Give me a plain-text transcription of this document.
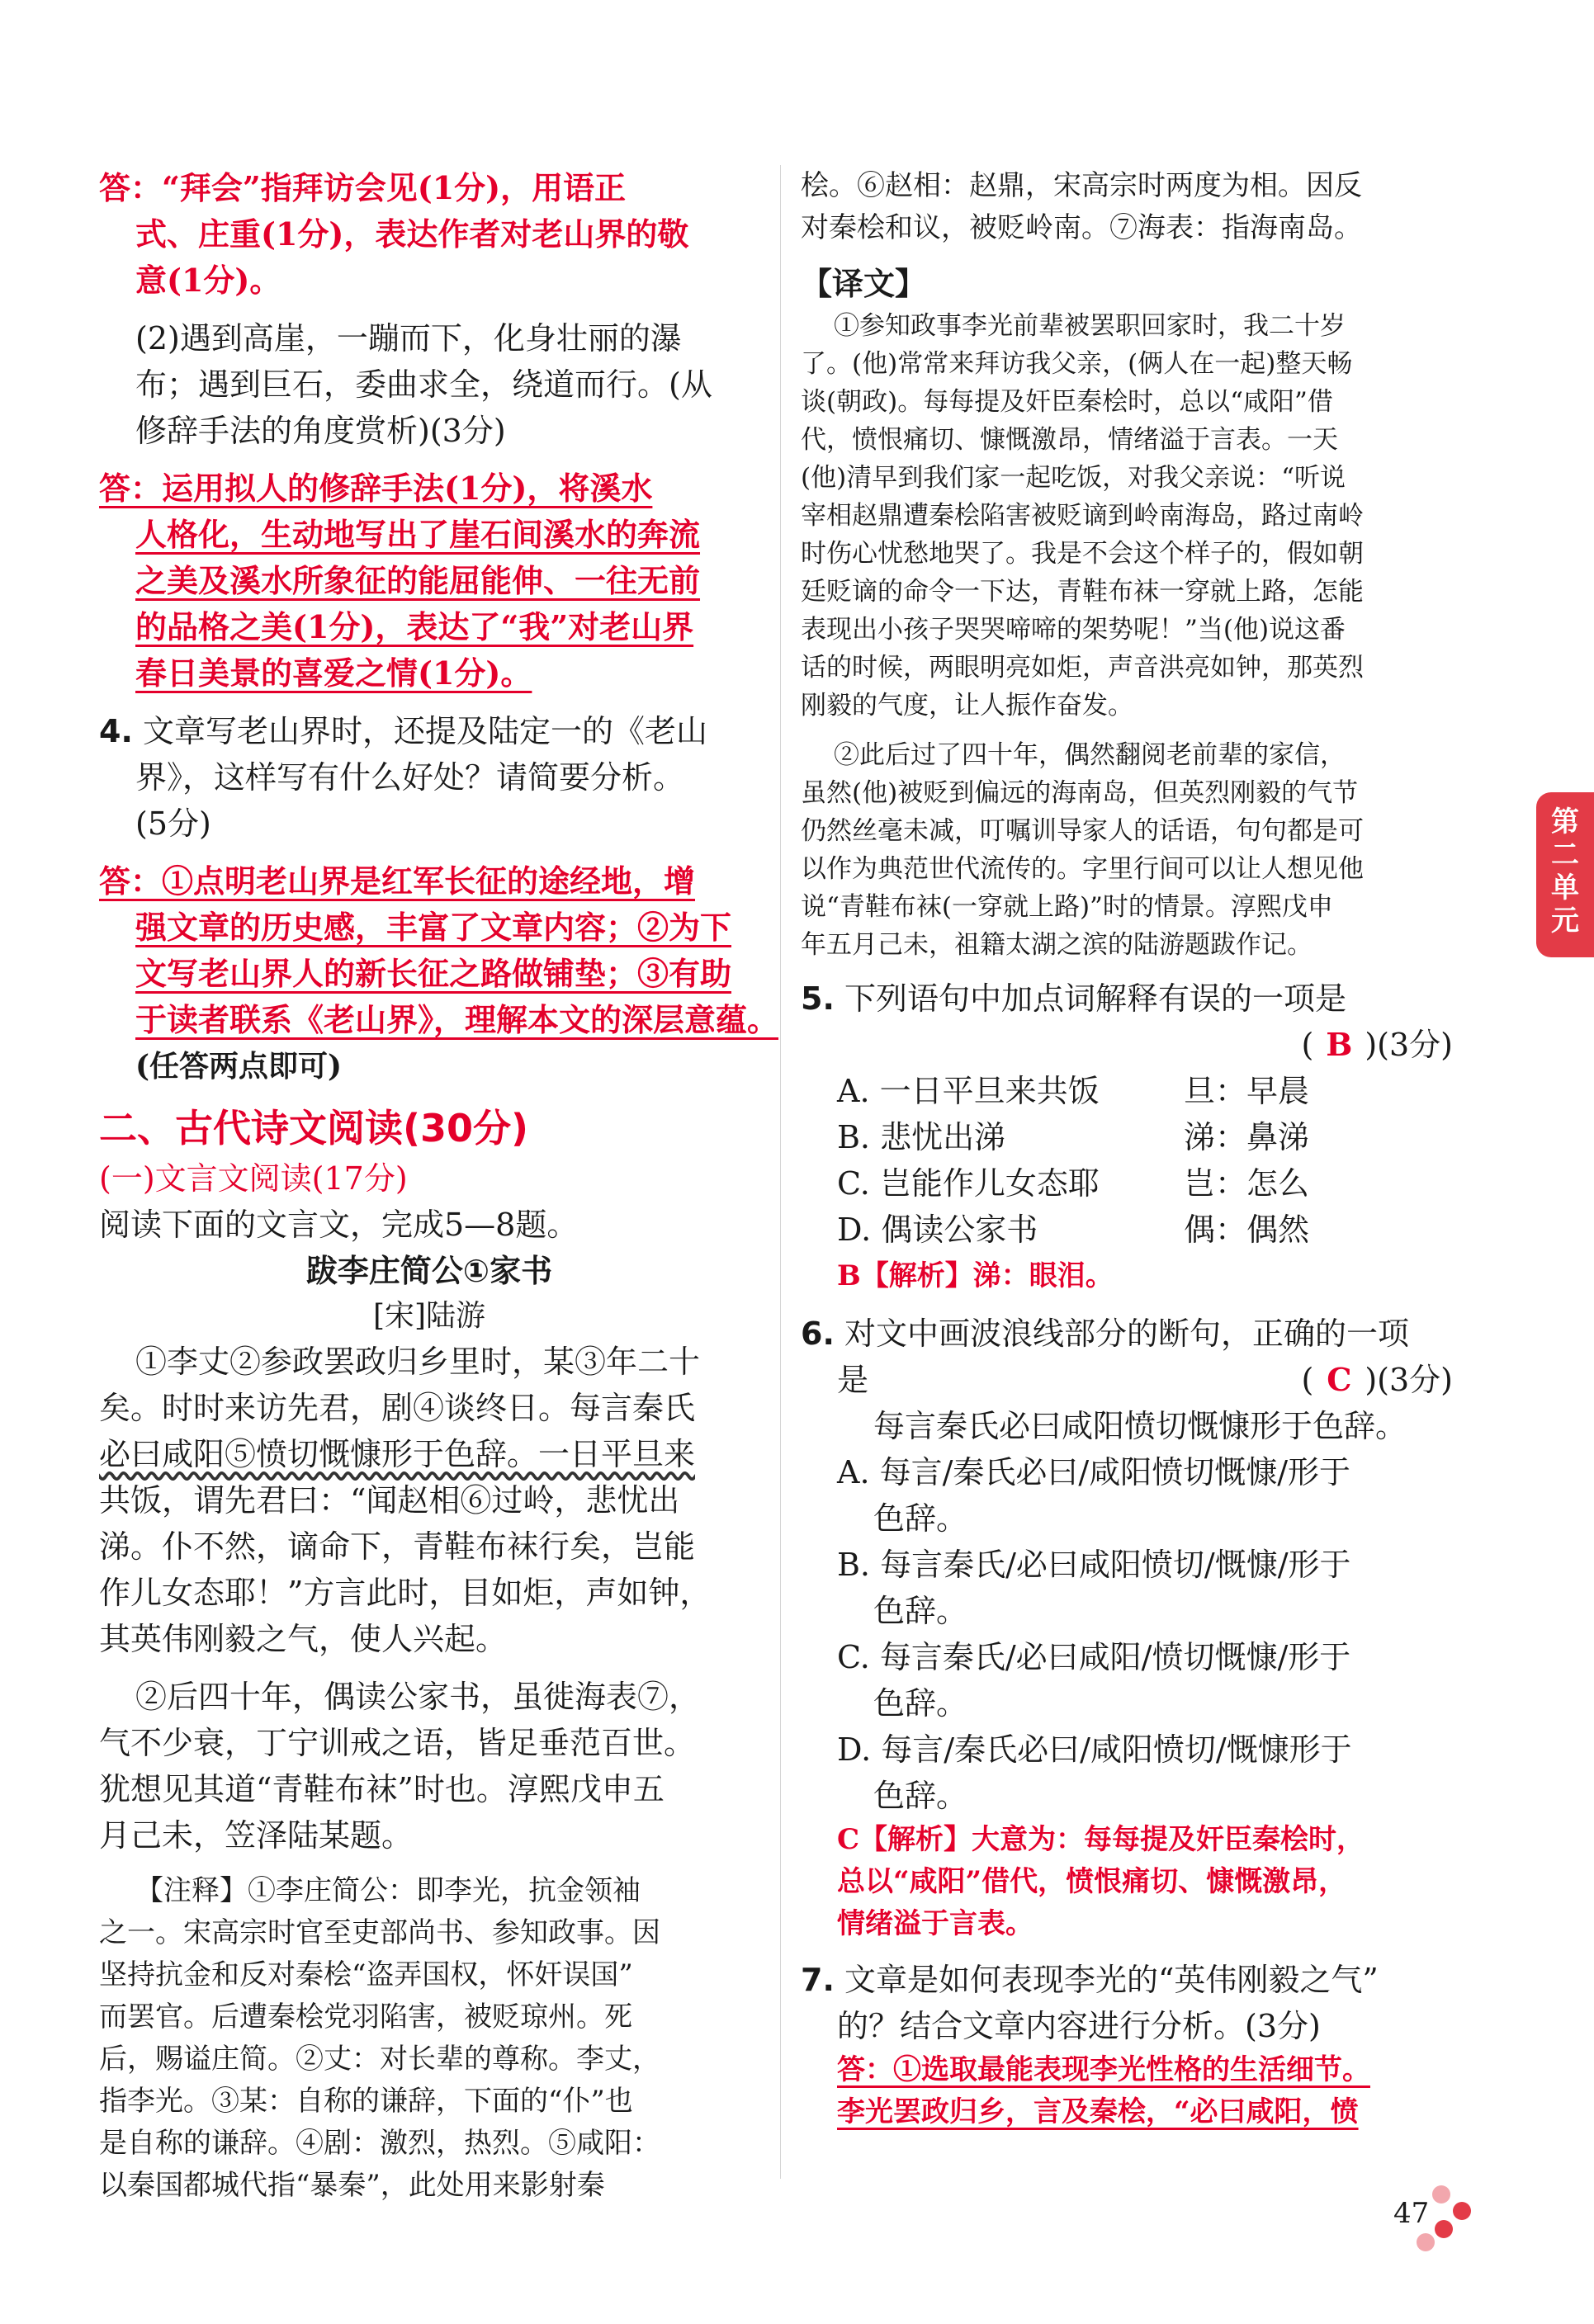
答：“拜会”指拜访会见(1分)，用语正
式、庄重(1分)，表达作者对老山界的敬
意(1分)。
(2)遇到高崖，一蹦而下，化身壮丽的瀑
布；遇到巨石，委曲求全，绕道而行。(从
修辞手法的角度赏析)(3分)
答：运用拟人的修辞手法(1分)，将溪水
人格化，生动地写出了崖石间溪水的奔流
之美及溪水所象征的能屈能伸、一往无前
的品格之美(1分)，表达了“我”对老山界
春日美景的喜爱之情(1分)。
4. 文章写老山界时，还提及陆定一的《老山
界》，这样写有什么好处？请简要分析。
(5分)
答：①点明老山界是红军长征的途经地，增
强文章的历史感，丰富了文章内容；②为下
文写老山界人的新长征之路做铺垫；③有助
于读者联系《老山界》，理解本文的深层意蕴。
(任答两点即可)
二、古代诗文阅读(30分)
(一)文言文阅读(17分)
阅读下面的文言文，完成5—8题。
跋李庄简公①家书
[宋]陆游
①李丈②参政罢政归乡里时，某③年二十
矣。时时来访先君，剧④谈终日。每言秦氏
必曰咸阳⑤愤切慨慷形于色辞。一日平旦来
共饭，谓先君曰：“闻赵相⑥过岭，悲忧出
涕。仆不然，谪命下，青鞋布袜行矣，岂能
作儿女态耶！”方言此时，目如炬，声如钟，
其英伟刚毅之气，使人兴起。
②后四十年，偶读公家书，虽徙海表⑦，
气不少衰，丁宁训戒之语，皆足垂范百世。
犹想见其道“青鞋布袜”时也。淳熙戊申五
月己未，笠泽陆某题。
【注释】①李庄简公：即李光，抗金领袖
之一。宋高宗时官至吏部尚书、参知政事。因
坚持抗金和反对秦桧“盗弄国权，怀奸误国”
而罢官。后遭秦桧党羽陷害，被贬琼州。死
后，赐谥庄简。②丈：对长辈的尊称。李丈，
指李光。③某：自称的谦辞，下面的“仆”也
是自称的谦辞。④剧：激烈，热烈。⑤咸阳：
以秦国都城代指“暴秦”，此处用来影射秦
桧。⑥赵相：赵鼎，宋高宗时两度为相。因反
对秦桧和议，被贬岭南。⑦海表：指海南岛。
【译文】
①参知政事李光前辈被罢职回家时，我二十岁
了。(他)常常来拜访我父亲，(俩人在一起)整天畅
谈(朝政)。每每提及奸臣秦桧时，总以“咸阳”借
代，愤恨痛切、慷慨激昂，情绪溢于言表。一天
(他)清早到我们家一起吃饭，对我父亲说：“听说
宰相赵鼎遭秦桧陷害被贬谪到岭南海岛，路过南岭
时伤心忧愁地哭了。我是不会这个样子的，假如朝
廷贬谪的命令一下达，青鞋布袜一穿就上路，怎能
表现出小孩子哭哭啼啼的架势呢！”当(他)说这番
话的时候，两眼明亮如炬，声音洪亮如钟，那英烈
刚毅的气度，让人振作奋发。
②此后过了四十年，偶然翻阅老前辈的家信，
虽然(他)被贬到偏远的海南岛，但英烈刚毅的气节
仍然丝毫未减，叮嘱训导家人的话语，句句都是可
以作为典范世代流传的。字里行间可以让人想见他
说“青鞋布袜(一穿就上路)”时的情景。淳熙戊申
年五月己未，祖籍太湖之滨的陆游题跋作记。
5. 下列语句中加点词解释有误的一项是
( B )(3分)
A. 一日平旦来共饭	旦：早晨
B. 悲忧出涕	涕：鼻涕
C. 岂能作儿女态耶	岂：怎么
D. 偶读公家书	偶：偶然
B【解析】涕：眼泪。
6. 对文中画波浪线部分的断句，正确的一项
是	( C )(3分)
每言秦氏必曰咸阳愤切慨慷形于色辞。
A. 每言/秦氏必曰/咸阳愤切慨慷/形于
色辞。
B. 每言秦氏/必曰咸阳愤切/慨慷/形于
色辞。
C. 每言秦氏/必曰咸阳/愤切慨慷/形于
色辞。
D. 每言/秦氏必曰/咸阳愤切/慨慷形于
色辞。
C【解析】大意为：每每提及奸臣秦桧时，
总以“咸阳”借代，愤恨痛切、慷慨激昂，
情绪溢于言表。
7. 文章是如何表现李光的“英伟刚毅之气”
的？结合文章内容进行分析。(3分)
答：①选取最能表现李光性格的生活细节。
李光罢政归乡，言及秦桧，“必曰咸阳，愤
第
二
单
元
47
